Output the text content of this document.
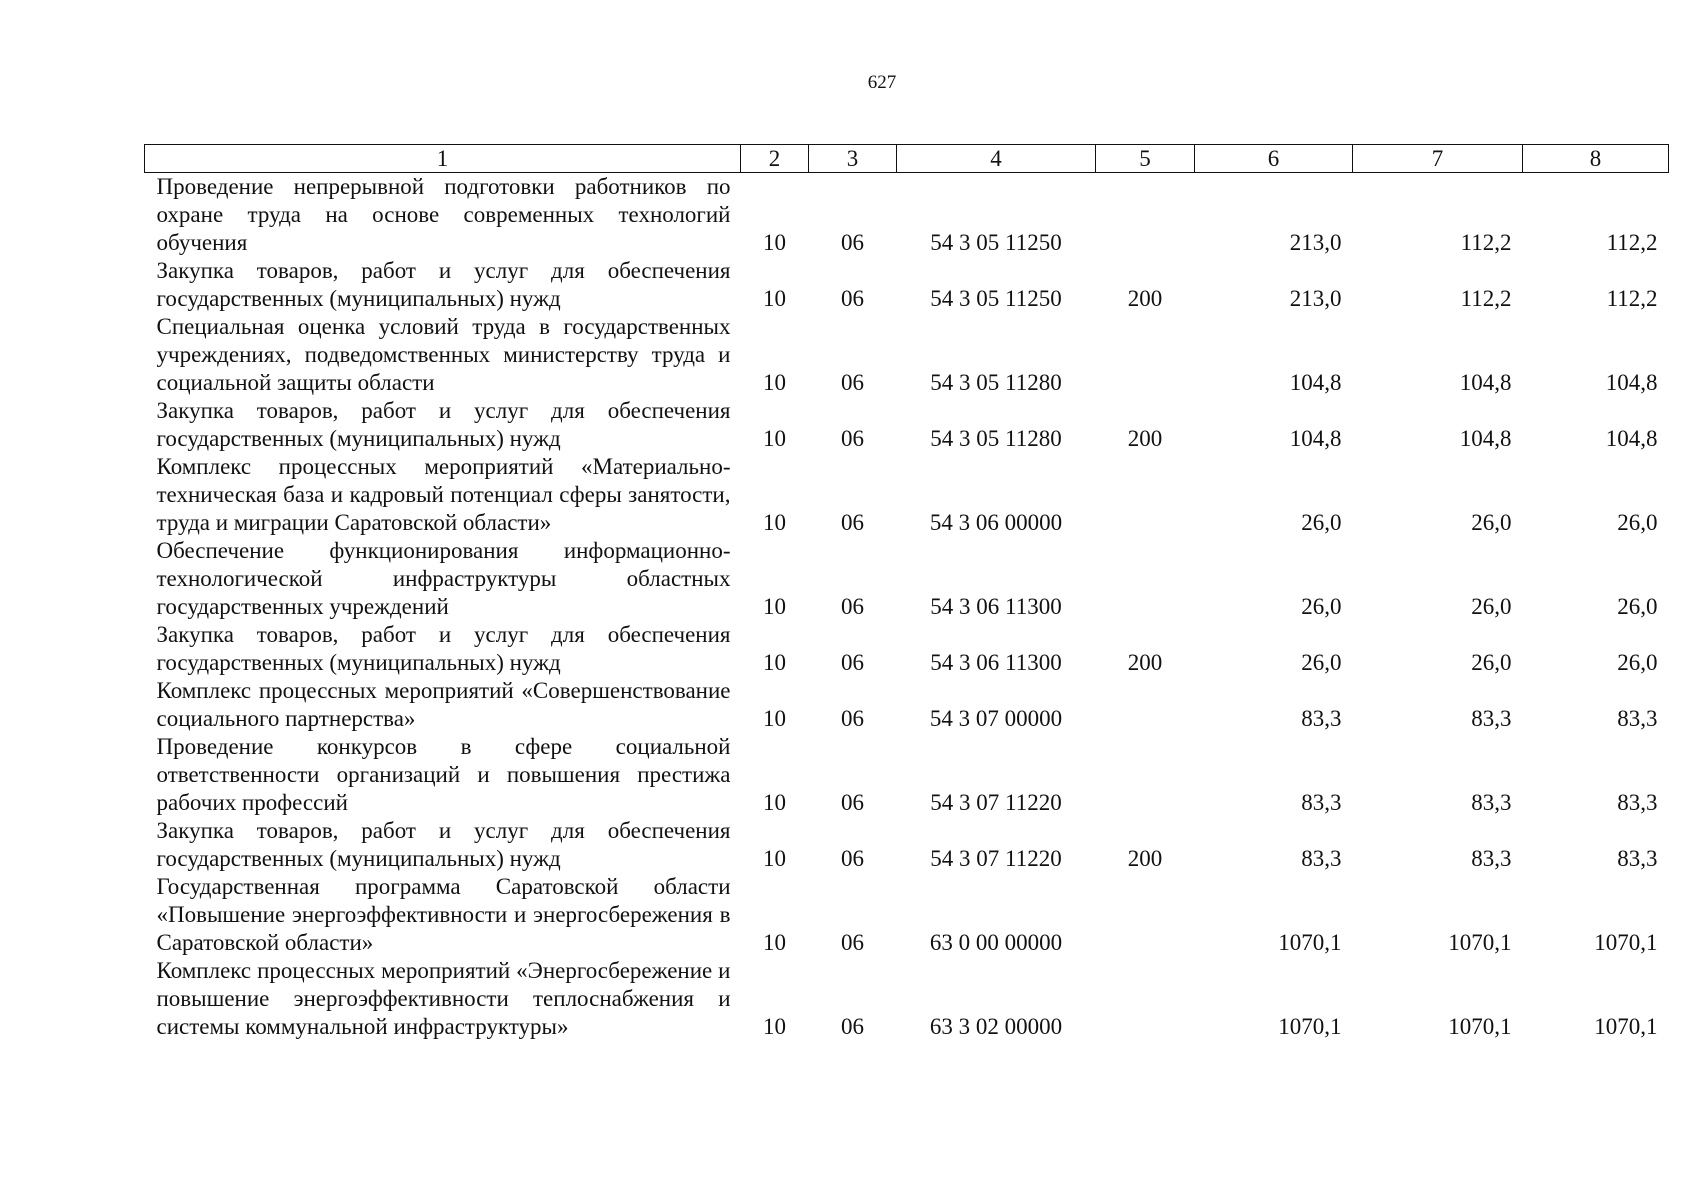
627
1	2	3	4	5	6	7	8
Проведение непрерывной подготовки работников по охране труда на основе современных технологий обучения	10	06	54 3 05 11250		213,0	112,2	112,2
Закупка товаров, работ и услуг для обеспечения государственных (муниципальных) нужд	10	06	54 3 05 11250	200	213,0	112,2	112,2
Специальная оценка условий труда в государственных учреждениях, подведомственных министерству труда и социальной защиты области	10	06	54 3 05 11280		104,8	104,8	104,8
Закупка товаров, работ и услуг для обеспечения государственных (муниципальных) нужд	10	06	54 3 05 11280	200	104,8	104,8	104,8
Комплекс процессных мероприятий «Материально-техническая база и кадровый потенциал сферы занятости, труда и миграции Саратовской области»	10	06	54 3 06 00000		26,0	26,0	26,0
Обеспечение функционирования информационно-технологической инфраструктуры областных государственных учреждений	10	06	54 3 06 11300		26,0	26,0	26,0
Закупка товаров, работ и услуг для обеспечения государственных (муниципальных) нужд	10	06	54 3 06 11300	200	26,0	26,0	26,0
Комплекс процессных мероприятий «Совершенствование социального партнерства»	10	06	54 3 07 00000		83,3	83,3	83,3
Проведение конкурсов в сфере социальной ответственности организаций и повышения престижа рабочих профессий	10	06	54 3 07 11220		83,3	83,3	83,3
Закупка товаров, работ и услуг для обеспечения государственных (муниципальных) нужд	10	06	54 3 07 11220	200	83,3	83,3	83,3
Государственная программа Саратовской области «Повышение энергоэффективности и энергосбережения в Саратовской области»	10	06	63 0 00 00000		1070,1	1070,1	1070,1
Комплекс процессных мероприятий «Энергосбережение и повышение энергоэффективности теплоснабжения и системы коммунальной инфраструктуры»	10	06	63 3 02 00000		1070,1	1070,1	1070,1
